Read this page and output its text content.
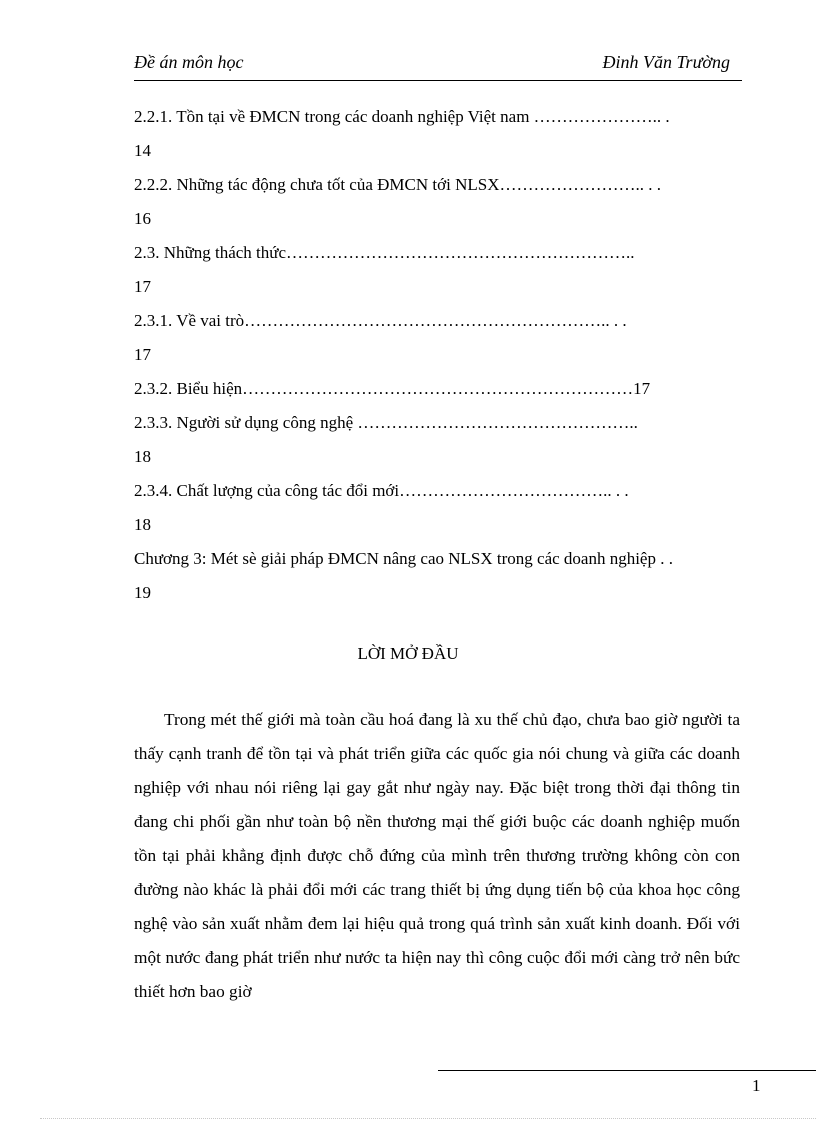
Đề án môn học	Đinh Văn Trường
2.2.1. Tồn tại về ĐMCN trong các doanh nghiệp Việt nam ………………….. .
14
2.2.2. Những tác động chưa tốt của ĐMCN tới NLSX…………………….. . .
16
2.3. Những thách thức……………………………………………………..
17
2.3.1. Về vai trò……………………………………………………….. . .
17
2.3.2. Biểu hiện……………………………………………………………17
2.3.3. Người sử dụng công nghệ …………………………………………..
18
2.3.4. Chất lượng của công tác đổi mới……………………………….. . .
18
Chương 3: Mét sè giải pháp ĐMCN nâng cao NLSX trong các doanh nghiệp . .
19
LỜI MỞ ĐẦU

Trong mét thế giới mà toàn cầu hoá đang là xu thế chủ đạo, chưa bao giờ người ta thấy cạnh tranh để tồn tại và phát triển giữa các quốc gia nói chung và giữa các doanh nghiệp với nhau nói riêng lại gay gắt như ngày nay. Đặc biệt trong thời đại thông tin đang chi phối gần như toàn bộ nền thương mại thế giới buộc các doanh nghiệp muốn tồn tại phải khẳng định được chỗ đứng của mình trên thương trường không còn con đường nào khác là phải đổi mới các trang thiết bị ứng dụng tiến bộ của khoa học công nghệ vào sản xuất nhằm đem lại hiệu quả trong quá trình sản xuất kinh doanh. Đối với một nước đang phát triển như nước ta hiện nay thì công cuộc đổi mới càng trở nên bức thiết hơn bao giờ

1
